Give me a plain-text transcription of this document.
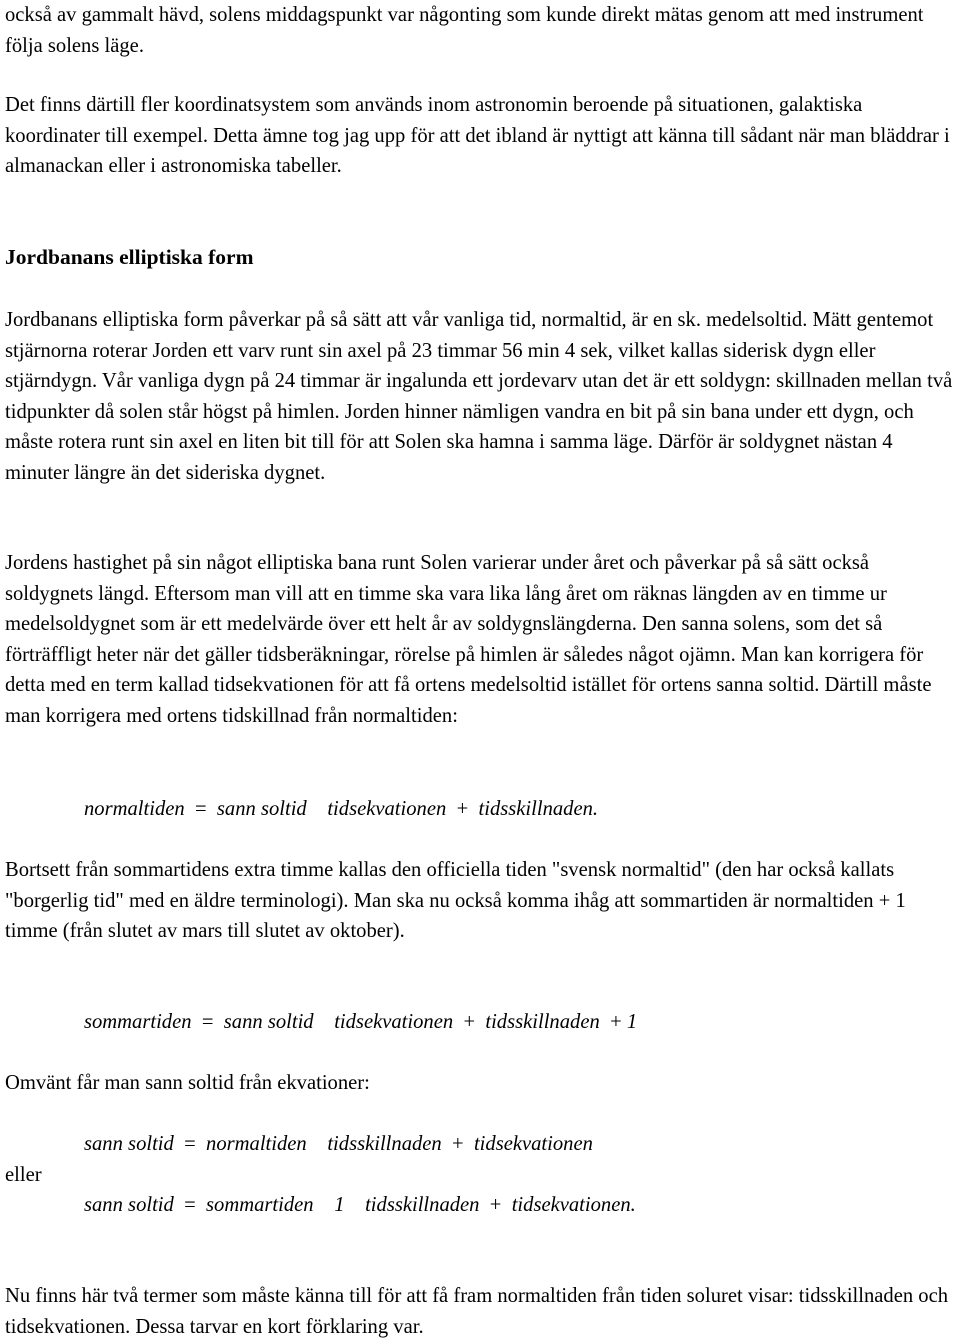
också av gammalt hävd, solens middagspunkt var någonting som kunde direkt mätas genom att med instrument följa solens läge.

Det finns därtill fler koordinatsystem som används inom astronomin beroende på situationen, galaktiska koordinater till exempel. Detta ämne tog jag upp för att det ibland är nyttigt att känna till sådant när man bläddrar i almanackan eller i astronomiska tabeller.

Jordbanans elliptiska form

Jordbanans elliptiska form påverkar på så sätt att vår vanliga tid, normaltid, är en sk. medelsoltid. Mätt gentemot stjärnorna roterar Jorden ett varv runt sin axel på 23 timmar 56 min 4 sek, vilket kallas siderisk dygn eller stjärndygn. Vår vanliga dygn på 24 timmar är ingalunda ett jordevarv utan det är ett soldygn: skillnaden mellan två tidpunkter då solen står högst på himlen. Jorden hinner nämligen vandra en bit på sin bana under ett dygn, och måste rotera runt sin axel en liten bit till för att Solen ska hamna i samma läge. Därför är soldygnet nästan 4 minuter längre än det sideriska dygnet.

Jordens hastighet på sin något elliptiska bana runt Solen varierar under året och påverkar på så sätt också soldygnets längd. Eftersom man vill att en timme ska vara lika lång året om räknas längden av en timme ur medelsoldygnet som är ett medelvärde över ett helt år av soldygnslängderna. Den sanna solens, som det så förträffligt heter när det gäller tidsberäkningar, rörelse på himlen är således något ojämn. Man kan korrigera för detta med en term kallad tidsekvationen för att få ortens medelsoltid istället för ortens sanna soltid. Därtill måste man korrigera med ortens tidskillnad från normaltiden:

normaltiden = sann soltid tidsekvationen + tidsskillnaden.

Bortsett från sommartidens extra timme kallas den officiella tiden "svensk normaltid" (den har också kallats "borgerlig tid" med en äldre terminologi). Man ska nu också komma ihåg att sommartiden är normaltiden + 1 timme (från slutet av mars till slutet av oktober).

sommartiden = sann soltid tidsekvationen + tidsskillnaden + 1

Omvänt får man sann soltid från ekvationer:

sann soltid = normaltiden tidsskillnaden + tidsekvationen
eller
sann soltid = sommartiden 1 tidsskillnaden + tidsekvationen.

Nu finns här två termer som måste känna till för att få fram normaltiden från tiden soluret visar: tidsskillnaden och tidsekvationen. Dessa tarvar en kort förklaring var.
